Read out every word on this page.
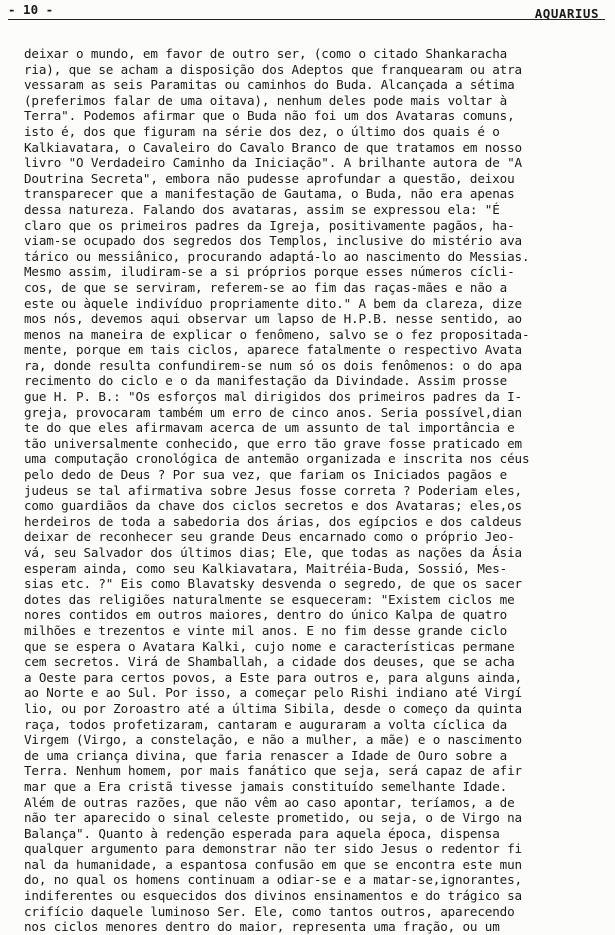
- 10 -	AQUARIUS
deixar o mundo, em favor de outro ser, (como o citado Shankaracha
ria), que se acham a disposição dos Adeptos que franquearam ou atra
vessaram as seis Paramitas ou caminhos do Buda. Alcançada a sétima
(preferimos falar de uma oitava), nenhum deles pode mais voltar à
Terra". Podemos afirmar que o Buda não foi um dos Avataras comuns,
isto é, dos que figuram na série dos dez, o último dos quais é o
Kalkiavatara, o Cavaleiro do Cavalo Branco de que tratamos em nosso
livro "O Verdadeiro Caminho da Iniciação". A brilhante autora de "A
Doutrina Secreta", embora não pudesse aprofundar a questão, deixou
transparecer que a manifestação de Gautama, o Buda, não era apenas
dessa natureza. Falando dos avataras, assim se expressou ela: "É
claro que os primeiros padres da Igreja, positivamente pagãos, ha-
viam-se ocupado dos segredos dos Templos, inclusive do mistério ava
tárico ou messiânico, procurando adaptá-lo ao nascimento do Messias.
Mesmo assim, iludiram-se a si próprios porque esses números cícli-
cos, de que se serviram, referem-se ao fim das raças-mães e não a
este ou àquele indivíduo propriamente dito." A bem da clareza, dize
mos nós, devemos aqui observar um lapso de H.P.B. nesse sentido, ao
menos na maneira de explicar o fenômeno, salvo se o fez propositada-
mente, porque em tais ciclos, aparece fatalmente o respectivo Avata
ra, donde resulta confundirem-se num só os dois fenômenos: o do apa
recimento do ciclo e o da manifestação da Divindade. Assim prosse
gue H. P. B.: "Os esforços mal dirigidos dos primeiros padres da I-
greja, provocaram também um erro de cinco anos. Seria possível,dian
te do que eles afirmavam acerca de um assunto de tal importância e
tão universalmente conhecido, que erro tão grave fosse praticado em
uma computação cronológica de antemão organizada e inscrita nos céus
pelo dedo de Deus ? Por sua vez, que fariam os Iniciados pagãos e
judeus se tal afirmativa sobre Jesus fosse correta ? Poderiam eles,
como guardiãos da chave dos ciclos secretos e dos Avataras; eles,os
herdeiros de toda a sabedoria dos árias, dos egípcios e dos caldeus
deixar de reconhecer seu grande Deus encarnado como o próprio Jeo-
vá, seu Salvador dos últimos dias; Ele, que todas as nações da Ásia
esperam ainda, como seu Kalkiavatara, Maitréia-Buda, Sossió, Mes-
sias etc. ?" Eis como Blavatsky desvenda o segredo, de que os sacer
dotes das religiões naturalmente se esqueceram: "Existem ciclos me
nores contidos em outros maiores, dentro do único Kalpa de quatro
milhões e trezentos e vinte mil anos. E no fim desse grande ciclo
que se espera o Avatara Kalki, cujo nome e características permane
cem secretos. Virá de Shamballah, a cidade dos deuses, que se acha
a Oeste para certos povos, a Este para outros e, para alguns ainda,
ao Norte e ao Sul. Por isso, a começar pelo Rishi indiano até Virgí
lio, ou por Zoroastro até a última Sibila, desde o começo da quinta
raça, todos profetizaram, cantaram e auguraram a volta cíclica da
Virgem (Virgo, a constelação, e não a mulher, a mãe) e o nascimento
de uma criança divina, que faria renascer a Idade de Ouro sobre a
Terra. Nenhum homem, por mais fanático que seja, será capaz de afir
mar que a Era cristã tivesse jamais constituído semelhante Idade.
Além de outras razões, que não vêm ao caso apontar, teríamos, a de
não ter aparecido o sinal celeste prometido, ou seja, o de Virgo na
Balança". Quanto à redenção esperada para aquela época, dispensa
qualquer argumento para demonstrar não ter sido Jesus o redentor fi
nal da humanidade, a espantosa confusão em que se encontra este mun
do, no qual os homens continuam a odiar-se e a matar-se,ignorantes,
indiferentes ou esquecidos dos divinos ensinamentos e do trágico sa
crifício daquele luminoso Ser. Ele, como tantos outros, aparecendo
nos ciclos menores dentro do maior, representa uma fração, ou um
